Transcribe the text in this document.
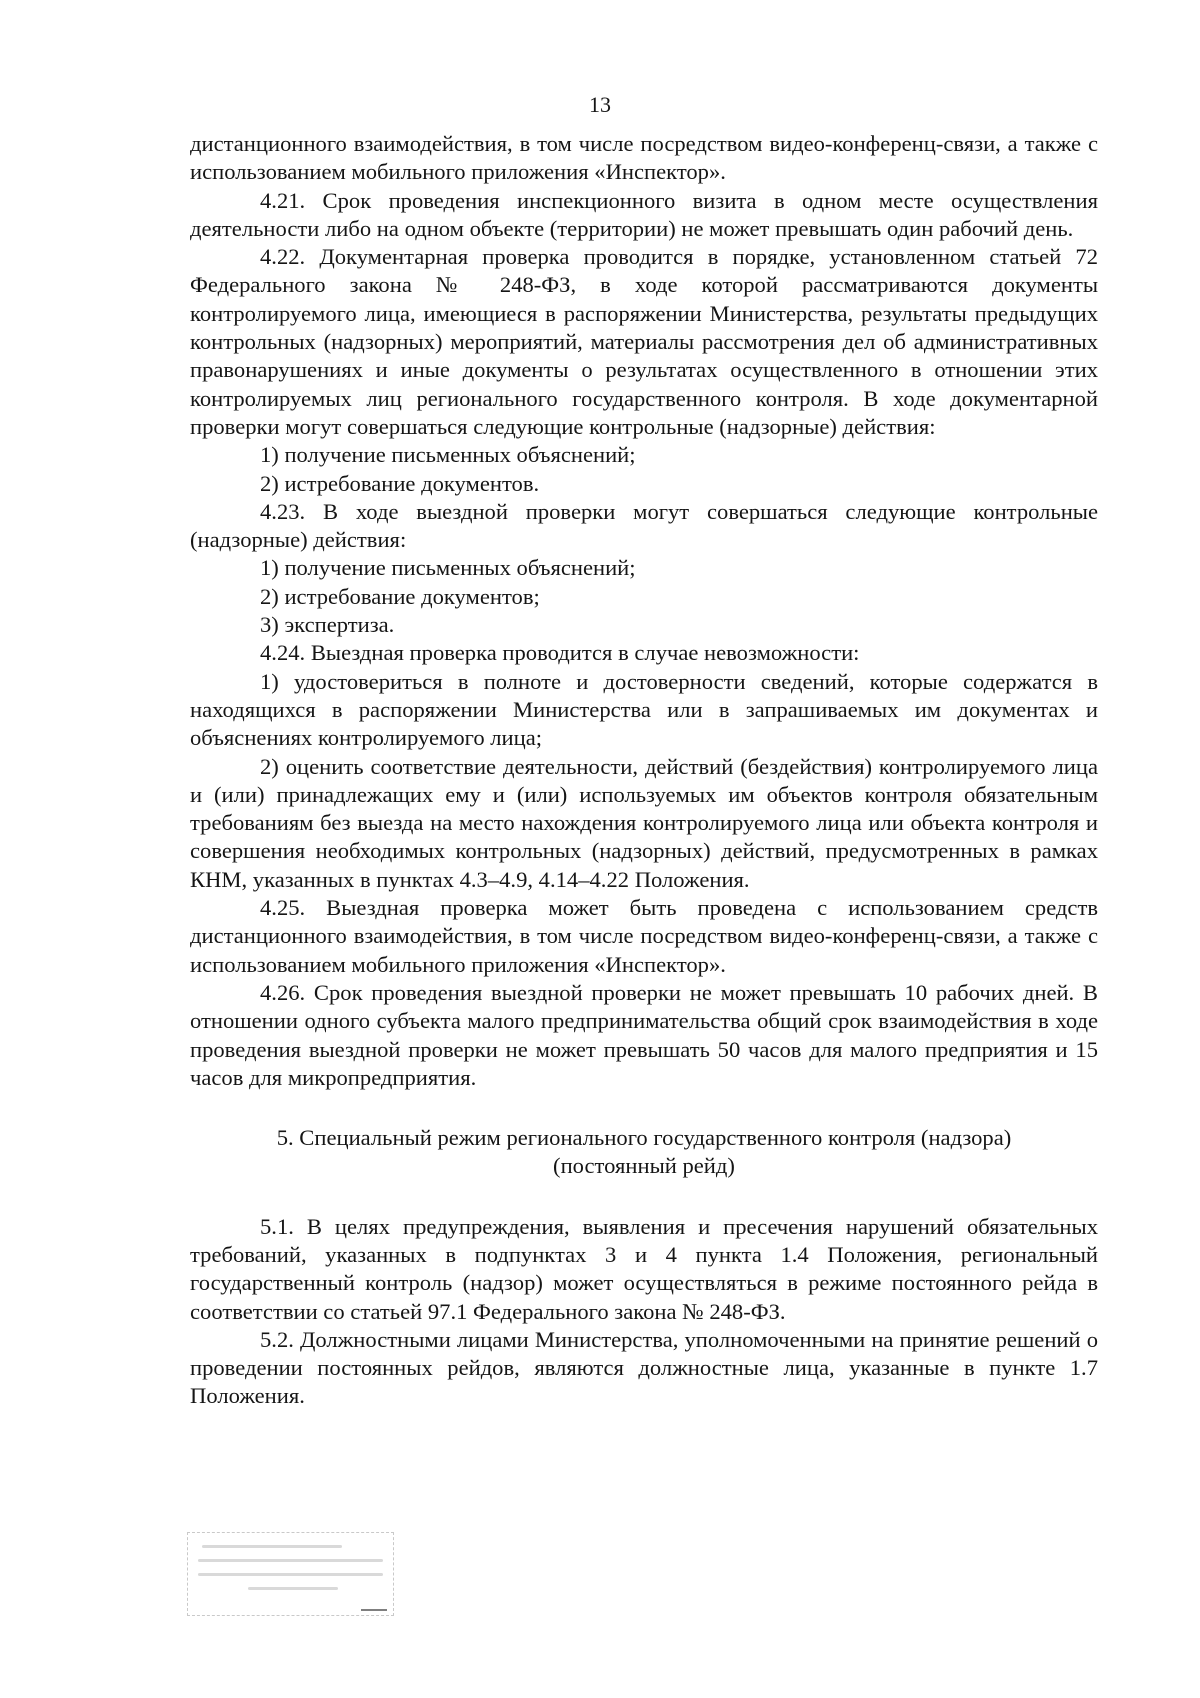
13

дистанционного взаимодействия, в том числе посредством видео-конференц-связи, а также с использованием мобильного приложения «Инспектор».

4.21. Срок проведения инспекционного визита в одном месте осуществления деятельности либо на одном объекте (территории) не может превышать один рабочий день.

4.22. Документарная проверка проводится в порядке, установленном статьей 72 Федерального закона № 248-ФЗ, в ходе которой рассматриваются документы контролируемого лица, имеющиеся в распоряжении Министерства, результаты предыдущих контрольных (надзорных) мероприятий, материалы рассмотрения дел об административных правонарушениях и иные документы о результатах осуществленного в отношении этих контролируемых лиц регионального государственного контроля. В ходе документарной проверки могут совершаться следующие контрольные (надзорные) действия:

1) получение письменных объяснений;

2) истребование документов.

4.23. В ходе выездной проверки могут совершаться следующие контрольные (надзорные) действия:

1) получение письменных объяснений;

2) истребование документов;

3) экспертиза.

4.24. Выездная проверка проводится в случае невозможности:

1) удостовериться в полноте и достоверности сведений, которые содержатся в находящихся в распоряжении Министерства или в запрашиваемых им документах и объяснениях контролируемого лица;

2) оценить соответствие деятельности, действий (бездействия) контролируемого лица и (или) принадлежащих ему и (или) используемых им объектов контроля обязательным требованиям без выезда на место нахождения контролируемого лица или объекта контроля и совершения необходимых контрольных (надзорных) действий, предусмотренных в рамках КНМ, указанных в пунктах 4.3–4.9, 4.14–4.22 Положения.

4.25. Выездная проверка может быть проведена с использованием средств дистанционного взаимодействия, в том числе посредством видео-конференц-связи, а также с использованием мобильного приложения «Инспектор».

4.26. Срок проведения выездной проверки не может превышать 10 рабочих дней. В отношении одного субъекта малого предпринимательства общий срок взаимодействия в ходе проведения выездной проверки не может превышать 50 часов для малого предприятия и 15 часов для микропредприятия.

5. Специальный режим регионального государственного контроля (надзора)

(постоянный рейд)

5.1. В целях предупреждения, выявления и пресечения нарушений обязательных требований, указанных в подпунктах 3 и 4 пункта 1.4 Положения, региональный государственный контроль (надзор) может осуществляться в режиме постоянного рейда в соответствии со статьей 97.1 Федерального закона № 248-ФЗ.

5.2. Должностными лицами Министерства, уполномоченными на принятие решений о проведении постоянных рейдов, являются должностные лица, указанные в пункте 1.7 Положения.
